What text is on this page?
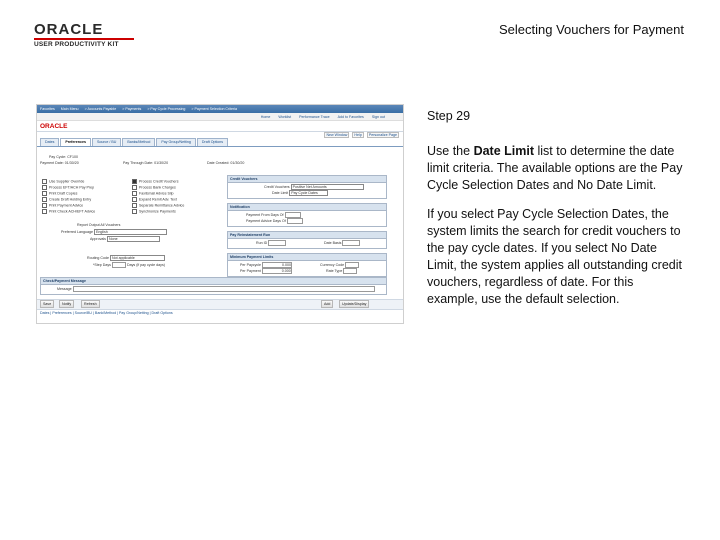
ORACLE
USER PRODUCTIVITY KIT
Selecting Vouchers for Payment
Favorites Main Menu > Accounts Payable > Payments > Pay Cycle Processing > Payment Selection Criteria
Home Worklist Performance Trace Add to Favorites Sign out
ORACLE
New Window	Help	Personalize Page
Dates	Preferences	Source / BU	Banks/Method	Pay Group/Netting	Draft Options
Pay Cycle: CF100
Payment Date: 01/30/20	Pay Through Date: 01/30/20	Date Created: 01/30/20
Use Supplier Override
Process EFT/ACH Pay Prep
Print Draft Copies
Create Draft Holding Entry
Print Payment Advice
Print Check ACH/EFT Advice
Process Credit Vouchers
Process Bank Charges
Fax/Email Advice Slip
Expand Remit Adv. Text
Separate Remittance Advice
Synchronize Payments
Credit Vouchers
Credit Vouchers Positive Net Amounts
Date Limit Pay Cycle Dates
Notification
Payment From Days Of
Payment Advice Days Of
Report Output All Vouchers
Preferred Language English
Approvals None
Pay Reinstatement Run
Run ID	Date Basis
Minimum Payment Limits
Per Paycycle	0.000	Currency Code
Per Payment	0.000	Rate Type
Routing Code Not applicable
*Step Days	Days (if pay cycle days)
Check/Payment Message
Message
Save	Notify	Refresh	Add	Update/Display
Dates | Preferences | Source/BU | Bank/Method | Pay Group/Netting | Draft Options

Step 29

Use the Date Limit list to determine the date limit criteria. The available options are the Pay Cycle Selection Dates and No Date Limit.

If you select Pay Cycle Selection Dates, the system limits the search for credit vouchers to the pay cycle dates. If you select No Date Limit, the system applies all outstanding credit vouchers, regardless of date. For this example, use the default selection.
